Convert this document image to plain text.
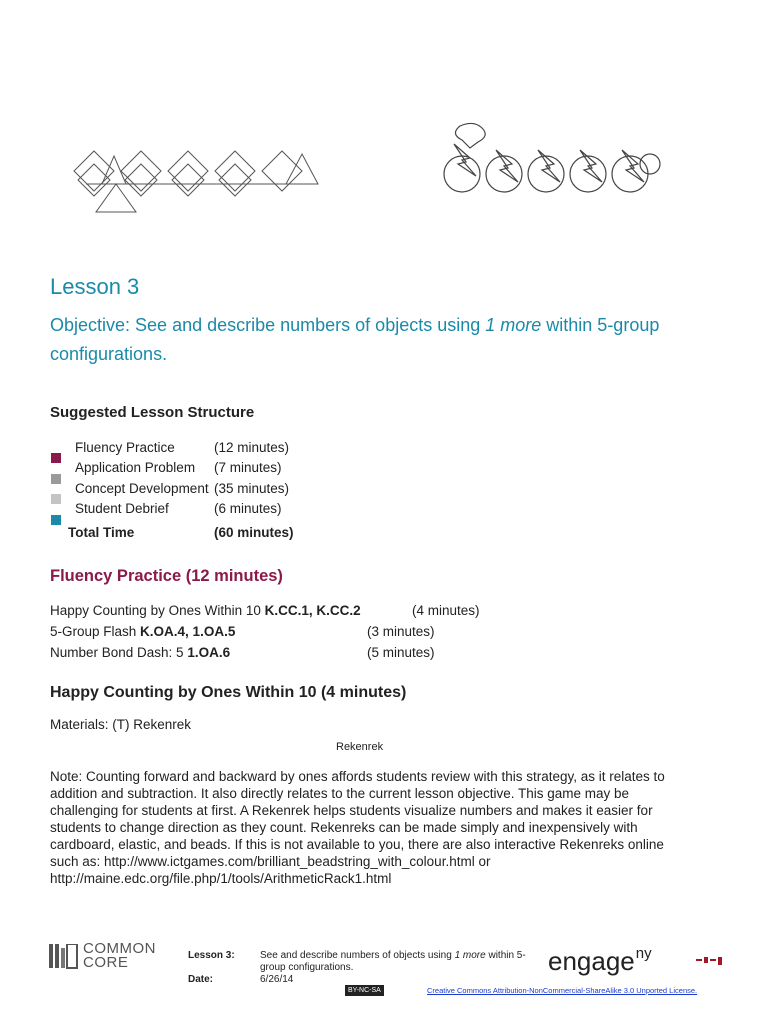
Lesson 3
Objective: See and describe numbers of objects using 1 more within 5-group configurations.
Suggested Lesson Structure
Fluency Practice	(12 minutes)
Application Problem (7 minutes)
Concept Development (35 minutes)
Student Debrief	(6 minutes)
Total Time	(60 minutes)
Fluency Practice (12 minutes)
Happy Counting by Ones Within 10 K.CC.1, K.CC.2	(4 minutes)
5-Group Flash K.OA.4, 1.OA.5	(3 minutes)
Number Bond Dash: 5 1.OA.6	(5 minutes)
Happy Counting by Ones Within 10 (4 minutes)
Materials: (T) Rekenrek
Rekenrek
Note: Counting forward and backward by ones affords students review with this strategy, as it relates to addition and subtraction. It also directly relates to the current lesson objective. This game may be challenging for students at first. A Rekenrek helps students visualize numbers and makes it easier for students to change direction as they count. Rekenreks can be made simply and inexpensively with cardboard, elastic, and beads. If this is not available to you, there are also interactive Rekenreks online such as: http://www.ictgames.com/brilliant_beadstring_with_colour.html or http://maine.edc.org/file.php/1/tools/ArithmeticRack1.html
COMMON
CORE	Lesson 3:	See and describe numbers of objects using 1 more within 5-group configurations.
Date:	6/26/14
engage$^{ny}$
BY-NC-SA	Creative Commons Attribution-NonCommercial-ShareAlike 3.0 Unported License.
